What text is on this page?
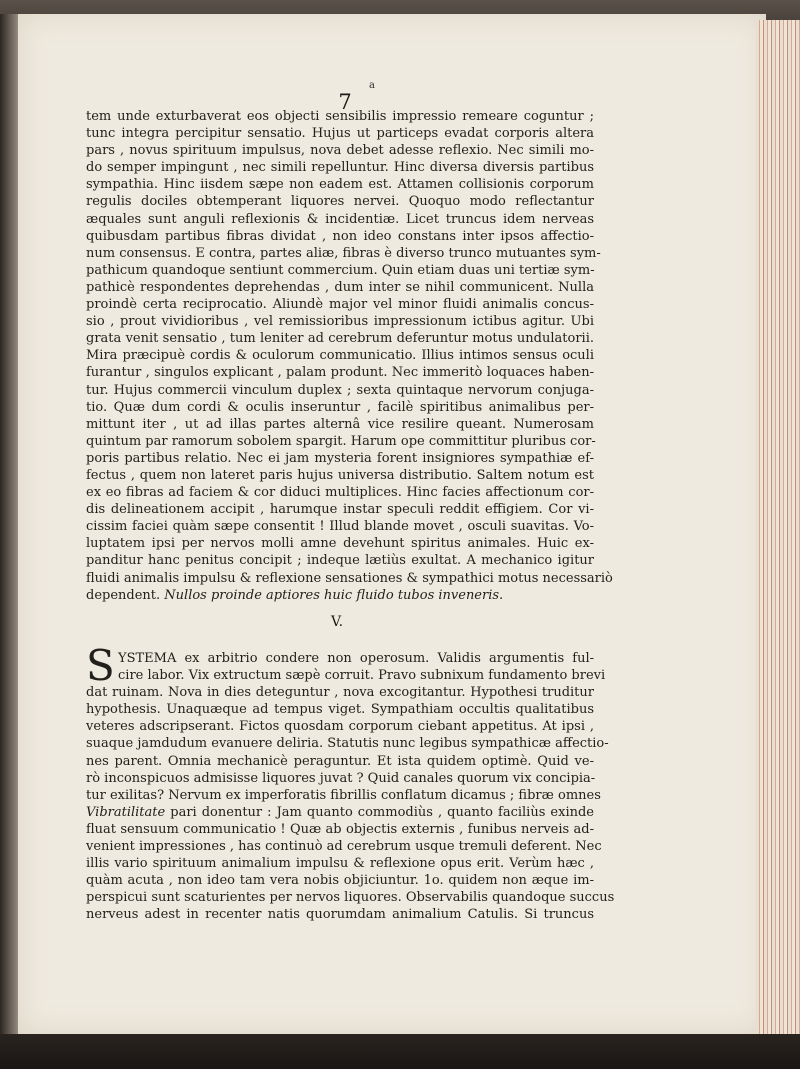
a
7
tem unde exturbaverat eos objecti sensibilis impressio remeare coguntur ;
tunc integra percipitur sensatio. Hujus ut particeps evadat corporis altera
pars , novus spirituum impulsus, nova debet adesse reflexio. Nec simili mo-
do semper impingunt , nec simili repelluntur. Hinc diversa diversis partibus
sympathia. Hinc iisdem sæpe non eadem est. Attamen collisionis corporum
regulis dociles obtemperant liquores nervei. Quoquo modo reflectantur
æquales sunt anguli reflexionis & incidentiæ. Licet truncus idem nerveas
quibusdam partibus fibras dividat , non ideo constans inter ipsos affectio-
num consensus. E contra, partes aliæ, fibras è diverso trunco mutuantes sym-
pathicum quandoque sentiunt commercium. Quin etiam duas uni tertiæ sym-
pathicè respondentes deprehendas , dum inter se nihil communicent. Nulla
proindè certa reciprocatio. Aliundè major vel minor fluidi animalis concus-
sio , prout vividioribus , vel remissioribus impressionum ictibus agitur. Ubi
grata venit sensatio , tum leniter ad cerebrum deferuntur motus undulatorii.
Mira præcipuè cordis & oculorum communicatio. Illius intimos sensus oculi
furantur , singulos explicant , palam produnt. Nec immeritò loquaces haben-
tur. Hujus commercii vinculum duplex ; sexta quintaque nervorum conjuga-
tio. Quæ dum cordi & oculis inseruntur , facilè spiritibus animalibus per-
mittunt iter , ut ad illas partes alternâ vice resilire queant. Numerosam
quintum par ramorum sobolem spargit. Harum ope committitur pluribus cor-
poris partibus relatio. Nec ei jam mysteria forent insigniores sympathiæ ef-
fectus , quem non lateret paris hujus universa distributio. Saltem notum est
ex eo fibras ad faciem & cor diduci multiplices. Hinc facies affectionum cor-
dis delineationem accipit , harumque instar speculi reddit effigiem. Cor vi-
cissim faciei quàm sæpe consentit ! Illud blande movet , osculi suavitas. Vo-
luptatem ipsi per nervos molli amne devehunt spiritus animales. Huic ex-
panditur hanc penitus concipit ; indeque lætiùs exultat. A mechanico igitur
fluidi animalis impulsu & reflexione sensationes & sympathici motus necessariò
dependent. Nullos proinde aptiores huic fluido tubos inveneris.
V.
S YSTEMA ex arbitrio condere non operosum. Validis argumentis ful-
cire labor. Vix extructum sæpè corruit. Pravo subnixum fundamento brevi
dat ruinam. Nova in dies deteguntur , nova excogitantur. Hypothesi truditur
hypothesis. Unaquæque ad tempus viget. Sympathiam occultis qualitatibus
veteres adscripserant. Fictos quosdam corporum ciebant appetitus. At ipsi ,
suaque jamdudum evanuere deliria. Statutis nunc legibus sympathicæ affectio-
nes parent. Omnia mechanicè peraguntur. Et ista quidem optimè. Quid ve-
rò inconspicuos admisisse liquores juvat ? Quid canales quorum vix concipia-
tur exilitas? Nervum ex imperforatis fibrillis conflatum dicamus ; fibræ omnes
Vibratilitate pari donentur : Jam quanto commodiùs , quanto faciliùs exinde
fluat sensuum communicatio ! Quæ ab objectis externis , funibus nerveis ad-
venient impressiones , has continuò ad cerebrum usque tremuli deferent. Nec
illis vario spirituum animalium impulsu & reflexione opus erit. Verùm hæc ,
quàm acuta , non ideo tam vera nobis objiciuntur. 1o. quidem non æque im-
perspicui sunt scaturientes per nervos liquores. Observabilis quandoque succus
nerveus adest in recenter natis quorumdam animalium Catulis. Si truncus
